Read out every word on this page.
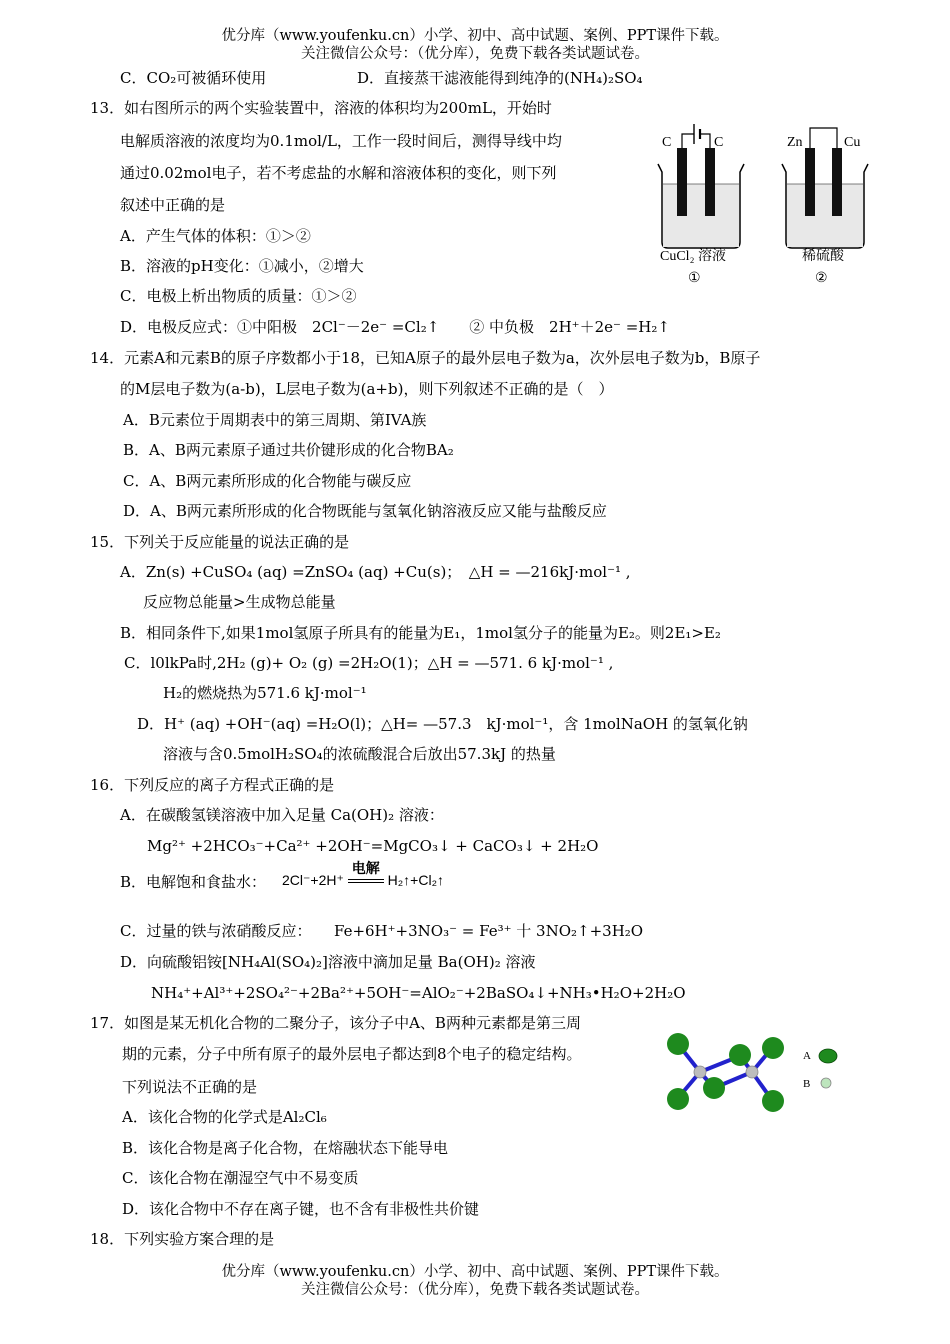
优分库（www.youfenku.cn）小学、初中、高中试题、案例、PPT课件下载。
关注微信公众号：（优分库），免费下载各类试题试卷。
C．CO₂可被循环使用	D．直接蒸干滤液能得到纯净的(NH₄)₂SO₄
13．如右图所示的两个实验装置中，溶液的体积均为200mL，开始时
电解质溶液的浓度均为0.1mol/L，工作一段时间后，测得导线中均
通过0.02mol电子，若不考虑盐的水解和溶液体积的变化，则下列
叙述中正确的是
A．产生气体的体积：①＞②
B．溶液的pH变化：①减小，②增大
C．电极上析出物质的质量：①＞②
D．电极反应式：①中阳极　2Cl⁻－2e⁻ =Cl₂↑　　② 中负极　2H⁺＋2e⁻ =H₂↑
C	C	Zn	Cu
CuCl₂ 溶液	稀硫酸
①	②
14．元素A和元素B的原子序数都小于18，已知A原子的最外层电子数为a，次外层电子数为b，B原子
的M层电子数为(a-b)，L层电子数为(a+b)，则下列叙述不正确的是（　）
A．B元素位于周期表中的第三周期、第IVA族
B．A、B两元素原子通过共价键形成的化合物BA₂
C．A、B两元素所形成的化合物能与碳反应
D．A、B两元素所形成的化合物既能与氢氧化钠溶液反应又能与盐酸反应
15．下列关于反应能量的说法正确的是
A．Zn(s) +CuSO₄ (aq) =ZnSO₄ (aq) +Cu(s)；　△H = —216kJ·mol⁻¹ ,
反应物总能量>生成物总能量
B．相同条件下,如果1mol氢原子所具有的能量为E₁，1mol氢分子的能量为E₂。则2E₁>E₂
C．l0lkPa时,2H₂ (g)+ O₂ (g) =2H₂O(1)；△H = —571. 6 kJ·mol⁻¹ ,
H₂的燃烧热为571.6 kJ·mol⁻¹
D．H⁺ (aq) +OH⁻(aq) =H₂O(l)；△H= —57.3　kJ·mol⁻¹，含 1molNaOH 的氢氧化钠
溶液与含0.5molH₂SO₄的浓硫酸混合后放出57.3kJ 的热量
16．下列反应的离子方程式正确的是
A．在碳酸氢镁溶液中加入足量 Ca(OH)₂ 溶液：
Mg²⁺ +2HCO₃⁻+Ca²⁺ +2OH⁻=MgCO₃↓ + CaCO₃↓ + 2H₂O
B．电解饱和食盐水： 2Cl⁻+2H⁺
电解
H₂↑+Cl₂↑
C．过量的铁与浓硝酸反应：　　Fe+6H⁺+3NO₃⁻ = Fe³⁺ 十 3NO₂↑+3H₂O
D．向硫酸铝铵[NH₄Al(SO₄)₂]溶液中滴加足量 Ba(OH)₂ 溶液
NH₄⁺+Al³⁺+2SO₄²⁻+2Ba²⁺+5OH⁻=AlO₂⁻+2BaSO₄↓+NH₃•H₂O+2H₂O
17．如图是某无机化合物的二聚分子，该分子中A、B两种元素都是第三周
期的元素，分子中所有原子的最外层电子都达到8个电子的稳定结构。
下列说法不正确的是
A．该化合物的化学式是Al₂Cl₆
B．该化合物是离子化合物，在熔融状态下能导电
C．该化合物在潮湿空气中不易变质
D．该化合物中不存在离子键，也不含有非极性共价键
A
B
18．下列实验方案合理的是
优分库（www.youfenku.cn）小学、初中、高中试题、案例、PPT课件下载。
关注微信公众号：（优分库），免费下载各类试题试卷。
